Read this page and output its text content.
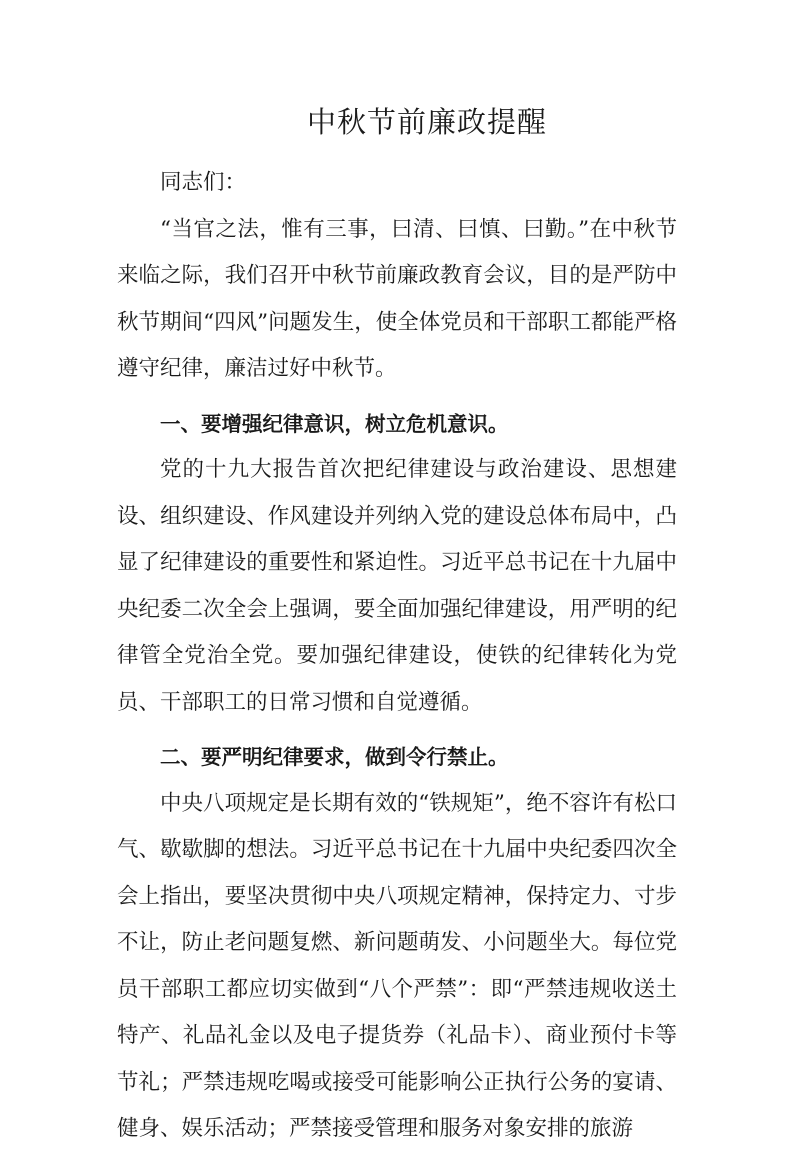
中秋节前廉政提醒

同志们：

“当官之法，惟有三事，曰清、曰慎、曰勤。”在中秋节来临之际，我们召开中秋节前廉政教育会议，目的是严防中秋节期间“四风”问题发生，使全体党员和干部职工都能严格遵守纪律，廉洁过好中秋节。

一、要增强纪律意识，树立危机意识。

党的十九大报告首次把纪律建设与政治建设、思想建设、组织建设、作风建设并列纳入党的建设总体布局中，凸显了纪律建设的重要性和紧迫性。习近平总书记在十九届中央纪委二次全会上强调，要全面加强纪律建设，用严明的纪律管全党治全党。要加强纪律建设，使铁的纪律转化为党员、干部职工的日常习惯和自觉遵循。

二、要严明纪律要求，做到令行禁止。

中央八项规定是长期有效的“铁规矩”，绝不容许有松口气、歇歇脚的想法。习近平总书记在十九届中央纪委四次全会上指出，要坚决贯彻中央八项规定精神，保持定力、寸步不让，防止老问题复燃、新问题萌发、小问题坐大。每位党员干部职工都应切实做到“八个严禁”：即“严禁违规收送土特产、礼品礼金以及电子提货券（礼品卡）、商业预付卡等节礼；严禁违规吃喝或接受可能影响公正执行公务的宴请、健身、娱乐活动；严禁接受管理和服务对象安排的旅游
